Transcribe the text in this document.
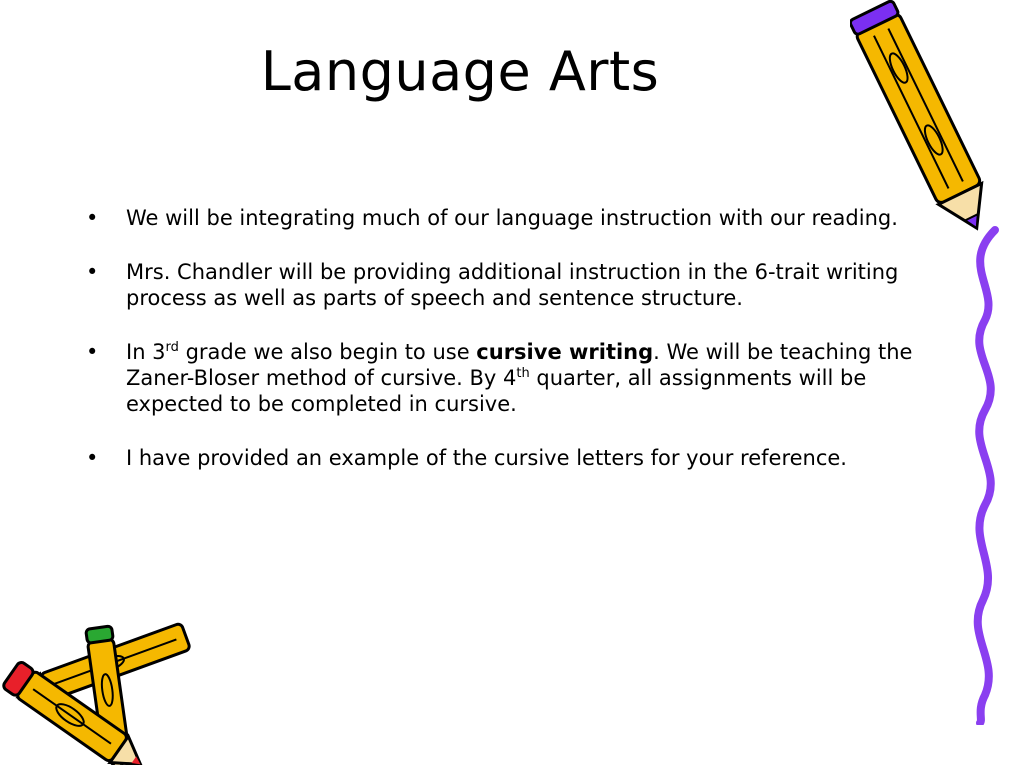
Language Arts
• We will be integrating much of our language instruction with our reading.
• Mrs. Chandler will be providing additional instruction in the 6-trait writing process as well as parts of speech and sentence structure.
• In 3rd grade we also begin to use cursive writing. We will be teaching the Zaner-Bloser method of cursive. By 4th quarter, all assignments will be expected to be completed in cursive.
• I have provided an example of the cursive letters for your reference.
